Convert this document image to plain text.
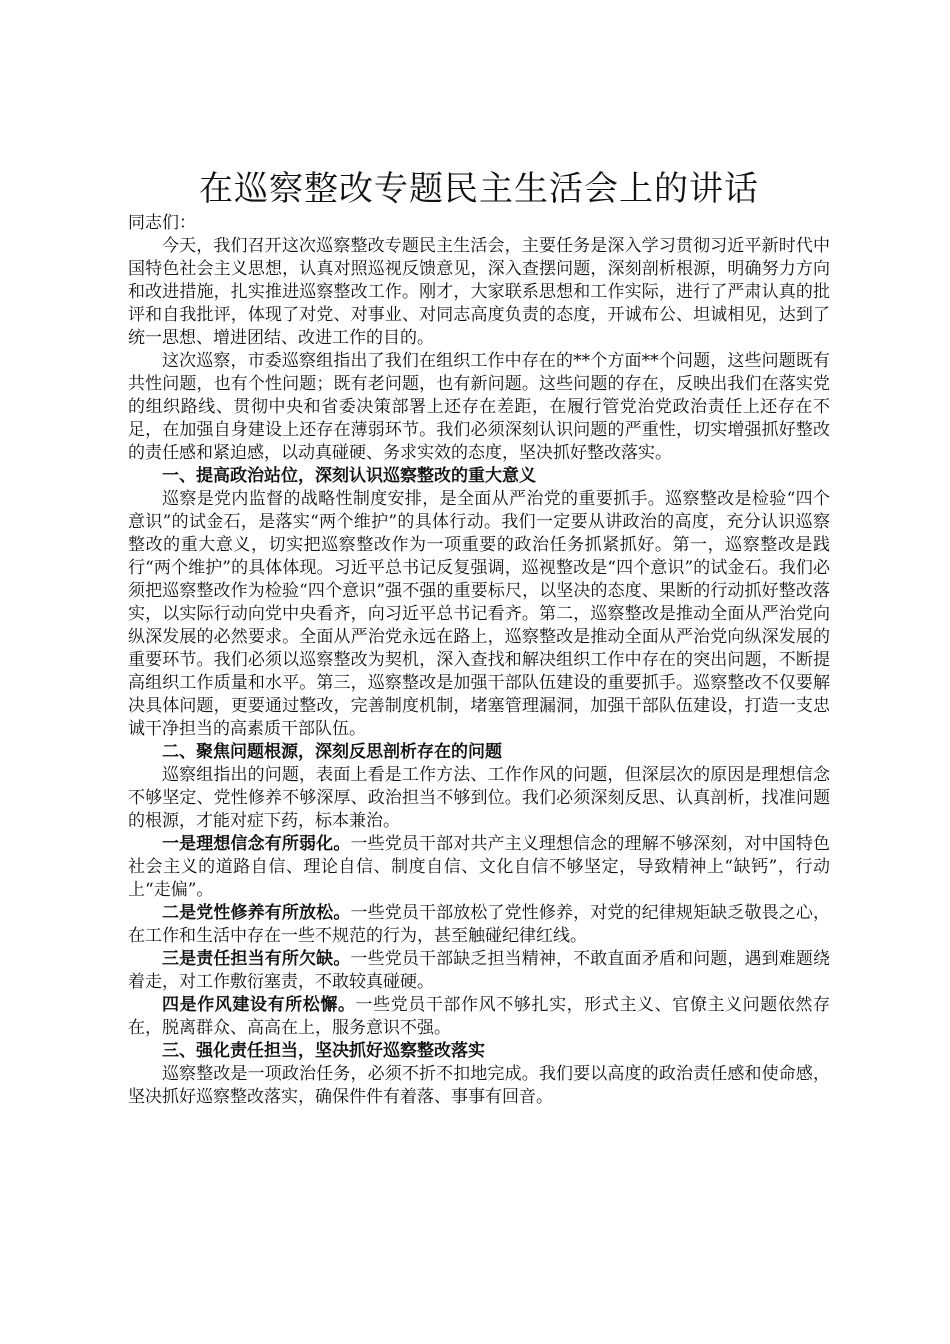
在巡察整改专题民主生活会上的讲话

同志们：

今天，我们召开这次巡察整改专题民主生活会，主要任务是深入学习贯彻习近平新时代中国特色社会主义思想，认真对照巡视反馈意见，深入查摆问题，深刻剖析根源，明确努力方向和改进措施，扎实推进巡察整改工作。刚才，大家联系思想和工作实际，进行了严肃认真的批评和自我批评，体现了对党、对事业、对同志高度负责的态度，开诚布公、坦诚相见，达到了统一思想、增进团结、改进工作的目的。

这次巡察，市委巡察组指出了我们在组织工作中存在的**个方面**个问题，这些问题既有共性问题，也有个性问题；既有老问题，也有新问题。这些问题的存在，反映出我们在落实党的组织路线、贯彻中央和省委决策部署上还存在差距，在履行管党治党政治责任上还存在不足，在加强自身建设上还存在薄弱环节。我们必须深刻认识问题的严重性，切实增强抓好整改的责任感和紧迫感，以动真碰硬、务求实效的态度，坚决抓好整改落实。

一、提高政治站位，深刻认识巡察整改的重大意义

巡察是党内监督的战略性制度安排，是全面从严治党的重要抓手。巡察整改是检验“四个意识”的试金石，是落实“两个维护”的具体行动。我们一定要从讲政治的高度，充分认识巡察整改的重大意义，切实把巡察整改作为一项重要的政治任务抓紧抓好。第一，巡察整改是践行“两个维护”的具体体现。习近平总书记反复强调，巡视整改是“四个意识”的试金石。我们必须把巡察整改作为检验“四个意识”强不强的重要标尺，以坚决的态度、果断的行动抓好整改落实，以实际行动向党中央看齐，向习近平总书记看齐。第二，巡察整改是推动全面从严治党向纵深发展的必然要求。全面从严治党永远在路上，巡察整改是推动全面从严治党向纵深发展的重要环节。我们必须以巡察整改为契机，深入查找和解决组织工作中存在的突出问题，不断提高组织工作质量和水平。第三，巡察整改是加强干部队伍建设的重要抓手。巡察整改不仅要解决具体问题，更要通过整改，完善制度机制，堵塞管理漏洞，加强干部队伍建设，打造一支忠诚干净担当的高素质干部队伍。

二、聚焦问题根源，深刻反思剖析存在的问题

巡察组指出的问题，表面上看是工作方法、工作作风的问题，但深层次的原因是理想信念不够坚定、党性修养不够深厚、政治担当不够到位。我们必须深刻反思、认真剖析，找准问题的根源，才能对症下药，标本兼治。

一是理想信念有所弱化。一些党员干部对共产主义理想信念的理解不够深刻，对中国特色社会主义的道路自信、理论自信、制度自信、文化自信不够坚定，导致精神上“缺钙”，行动上“走偏”。

二是党性修养有所放松。一些党员干部放松了党性修养，对党的纪律规矩缺乏敬畏之心，在工作和生活中存在一些不规范的行为，甚至触碰纪律红线。

三是责任担当有所欠缺。一些党员干部缺乏担当精神，不敢直面矛盾和问题，遇到难题绕着走，对工作敷衍塞责，不敢较真碰硬。

四是作风建设有所松懈。一些党员干部作风不够扎实，形式主义、官僚主义问题依然存在，脱离群众、高高在上，服务意识不强。

三、强化责任担当，坚决抓好巡察整改落实

巡察整改是一项政治任务，必须不折不扣地完成。我们要以高度的政治责任感和使命感，坚决抓好巡察整改落实，确保件件有着落、事事有回音。
